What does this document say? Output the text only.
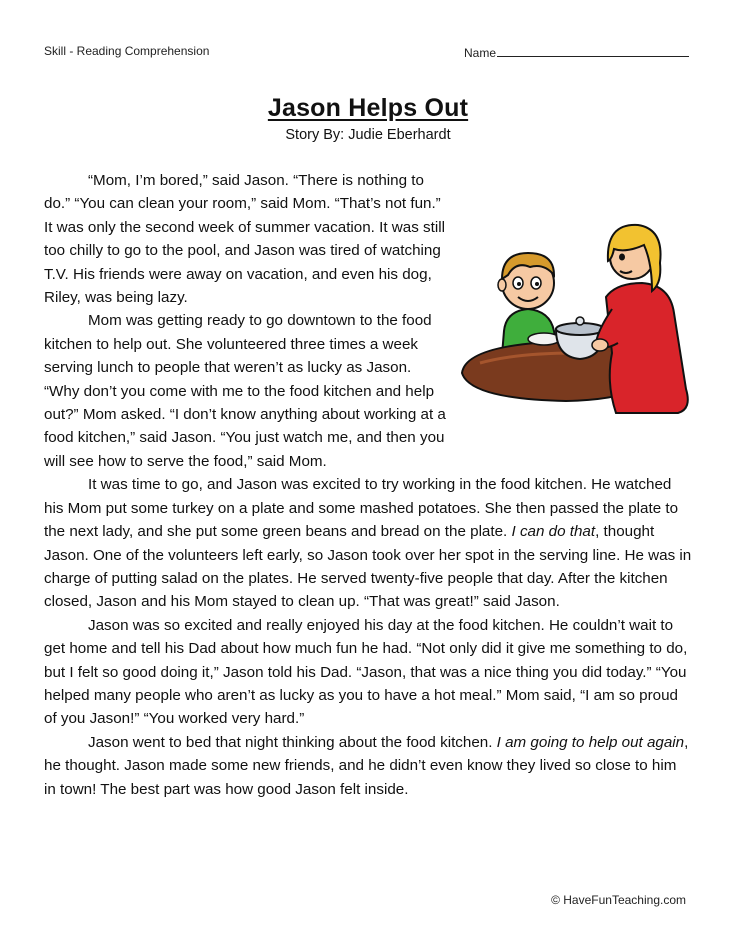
Skill - Reading Comprehension	Name
Jason Helps Out
Story By: Judie Eberhardt

“Mom, I’m bored,” said Jason. “There is nothing to do.” “You can clean your room,” said Mom. “That’s not fun.” It was only the second week of summer vacation. It was still too chilly to go to the pool, and Jason was tired of watching T.V. His friends were away on vacation, and even his dog, Riley, was being lazy.

Mom was getting ready to go downtown to the food kitchen to help out. She volunteered three times a week serving lunch to people that weren’t as lucky as Jason. “Why don’t you come with me to the food kitchen and help out?” Mom asked. “I don’t know anything about working at a food kitchen,” said Jason. “You just watch me, and then you will see how to serve the food,” said Mom.

It was time to go, and Jason was excited to try working in the food kitchen. He watched his Mom put some turkey on a plate and some mashed potatoes. She then passed the plate to the next lady, and she put some green beans and bread on the plate. I can do that, thought Jason. One of the volunteers left early, so Jason took over her spot in the serving line. He was in charge of putting salad on the plates. He served twenty-five people that day. After the kitchen closed, Jason and his Mom stayed to clean up. “That was great!” said Jason.

Jason was so excited and really enjoyed his day at the food kitchen. He couldn’t wait to get home and tell his Dad about how much fun he had. “Not only did it give me something to do, but I felt so good doing it,” Jason told his Dad. “Jason, that was a nice thing you did today.” “You helped many people who aren’t as lucky as you to have a hot meal.” Mom said, “I am so proud of you Jason!” “You worked very hard.”

Jason went to bed that night thinking about the food kitchen. I am going to help out again, he thought. Jason made some new friends, and he didn’t even know they lived so close to him in town! The best part was how good Jason felt inside.

© HaveFunTeaching.com
